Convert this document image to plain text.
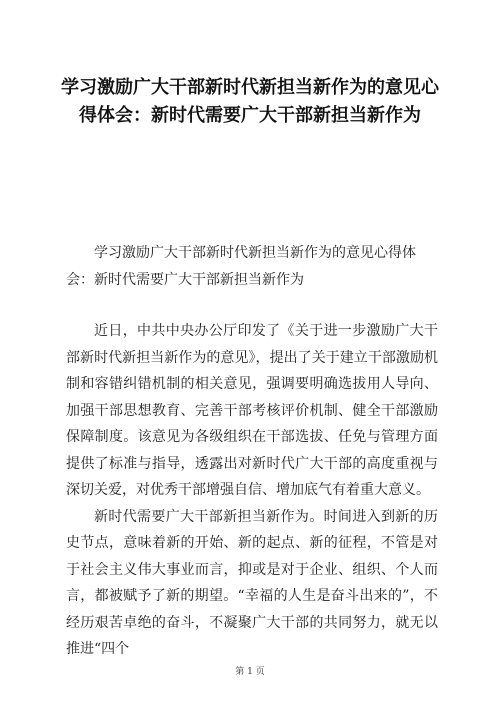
学习激励广大干部新时代新担当新作为的意见心得体会：新时代需要广大干部新担当新作为

学习激励广大干部新时代新担当新作为的意见心得体会：新时代需要广大干部新担当新作为

近日，中共中央办公厅印发了《关于进一步激励广大干部新时代新担当新作为的意见》，提出了关于建立干部激励机制和容错纠错机制的相关意见，强调要明确选拔用人导向、加强干部思想教育、完善干部考核评价机制、健全干部激励保障制度。该意见为各级组织在干部选拔、任免与管理方面提供了标准与指导，透露出对新时代广大干部的高度重视与深切关爱，对优秀干部增强自信、增加底气有着重大意义。

新时代需要广大干部新担当新作为。时间进入到新的历史节点，意味着新的开始、新的起点、新的征程，不管是对于社会主义伟大事业而言，抑或是对于企业、组织、个人而言，都被赋予了新的期望。“幸福的人生是奋斗出来的”，不经历艰苦卓绝的奋斗，不凝聚广大干部的共同努力，就无以推进“四个

第 1 页
